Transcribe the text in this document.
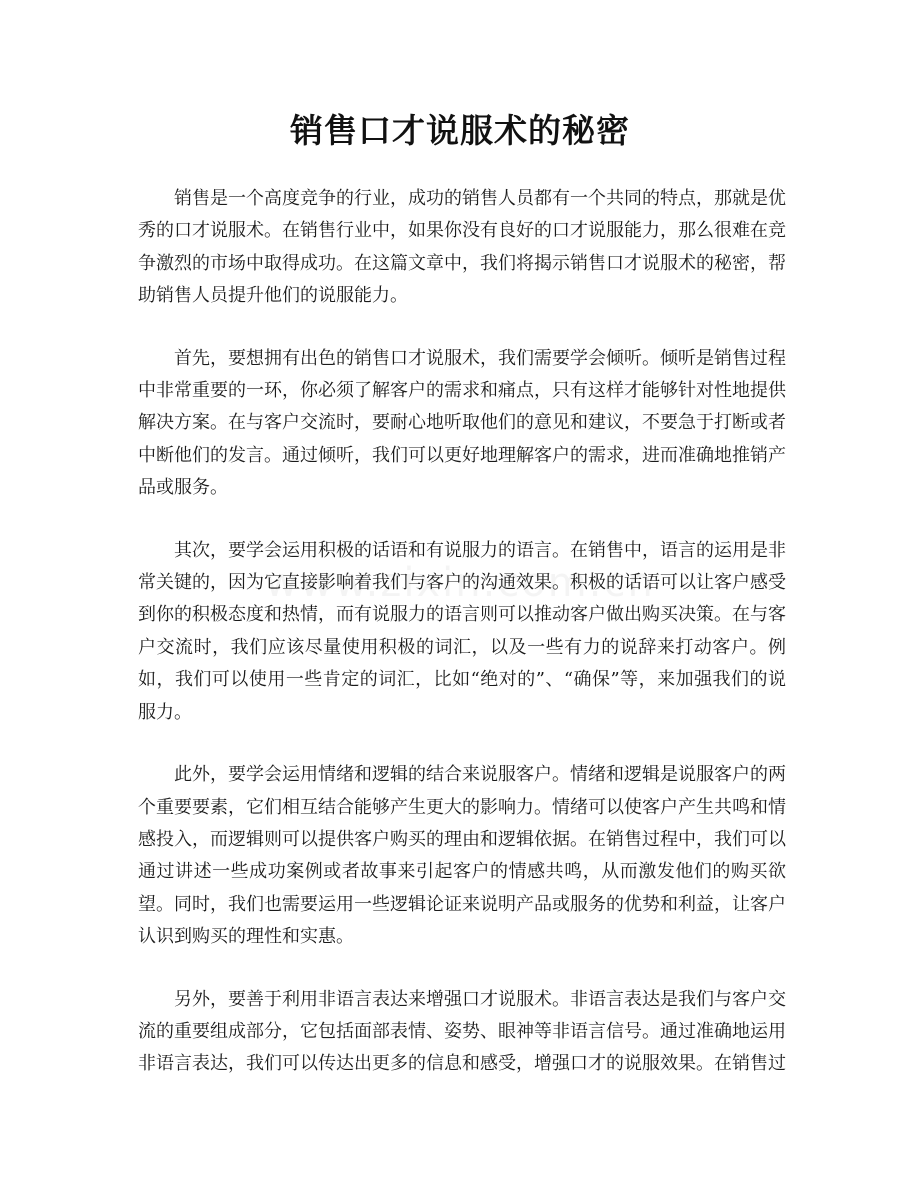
销售口才说服术的秘密

销售是一个高度竞争的行业，成功的销售人员都有一个共同的特点，那就是优秀的口才说服术。在销售行业中，如果你没有良好的口才说服能力，那么很难在竞争激烈的市场中取得成功。在这篇文章中，我们将揭示销售口才说服术的秘密，帮助销售人员提升他们的说服能力。

首先，要想拥有出色的销售口才说服术，我们需要学会倾听。倾听是销售过程中非常重要的一环，你必须了解客户的需求和痛点，只有这样才能够针对性地提供解决方案。在与客户交流时，要耐心地听取他们的意见和建议，不要急于打断或者中断他们的发言。通过倾听，我们可以更好地理解客户的需求，进而准确地推销产品或服务。

其次，要学会运用积极的话语和有说服力的语言。在销售中，语言的运用是非常关键的，因为它直接影响着我们与客户的沟通效果。积极的话语可以让客户感受到你的积极态度和热情，而有说服力的语言则可以推动客户做出购买决策。在与客户交流时，我们应该尽量使用积极的词汇，以及一些有力的说辞来打动客户。例如，我们可以使用一些肯定的词汇，比如“绝对的”、“确保”等，来加强我们的说服力。

此外，要学会运用情绪和逻辑的结合来说服客户。情绪和逻辑是说服客户的两个重要要素，它们相互结合能够产生更大的影响力。情绪可以使客户产生共鸣和情感投入，而逻辑则可以提供客户购买的理由和逻辑依据。在销售过程中，我们可以通过讲述一些成功案例或者故事来引起客户的情感共鸣，从而激发他们的购买欲望。同时，我们也需要运用一些逻辑论证来说明产品或服务的优势和利益，让客户认识到购买的理性和实惠。

另外，要善于利用非语言表达来增强口才说服术。非语言表达是我们与客户交流的重要组成部分，它包括面部表情、姿势、眼神等非语言信号。通过准确地运用非语言表达，我们可以传达出更多的信息和感受，增强口才的说服效果。在销售过
